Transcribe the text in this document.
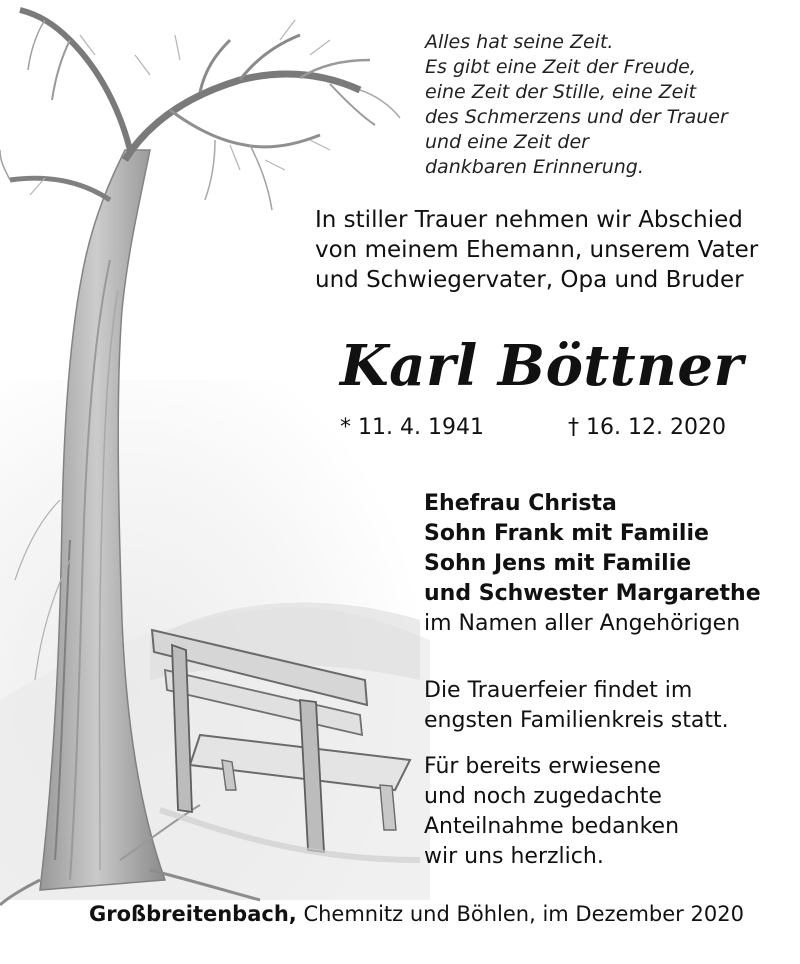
Alles hat seine Zeit.
Es gibt eine Zeit der Freude,
eine Zeit der Stille, eine Zeit
des Schmerzens und der Trauer
und eine Zeit der
dankbaren Erinnerung.
In stiller Trauer nehmen wir Abschied
von meinem Ehemann, unserem Vater
und Schwiegervater, Opa und Bruder
Karl Böttner
* 11. 4. 1941	† 16. 12. 2020
Ehefrau Christa
Sohn Frank mit Familie
Sohn Jens mit Familie
und Schwester Margarethe
im Namen aller Angehörigen
Die Trauerfeier findet im
engsten Familienkreis statt.
Für bereits erwiesene
und noch zugedachte
Anteilnahme bedanken
wir uns herzlich.
Großbreitenbach, Chemnitz und Böhlen, im Dezember 2020
